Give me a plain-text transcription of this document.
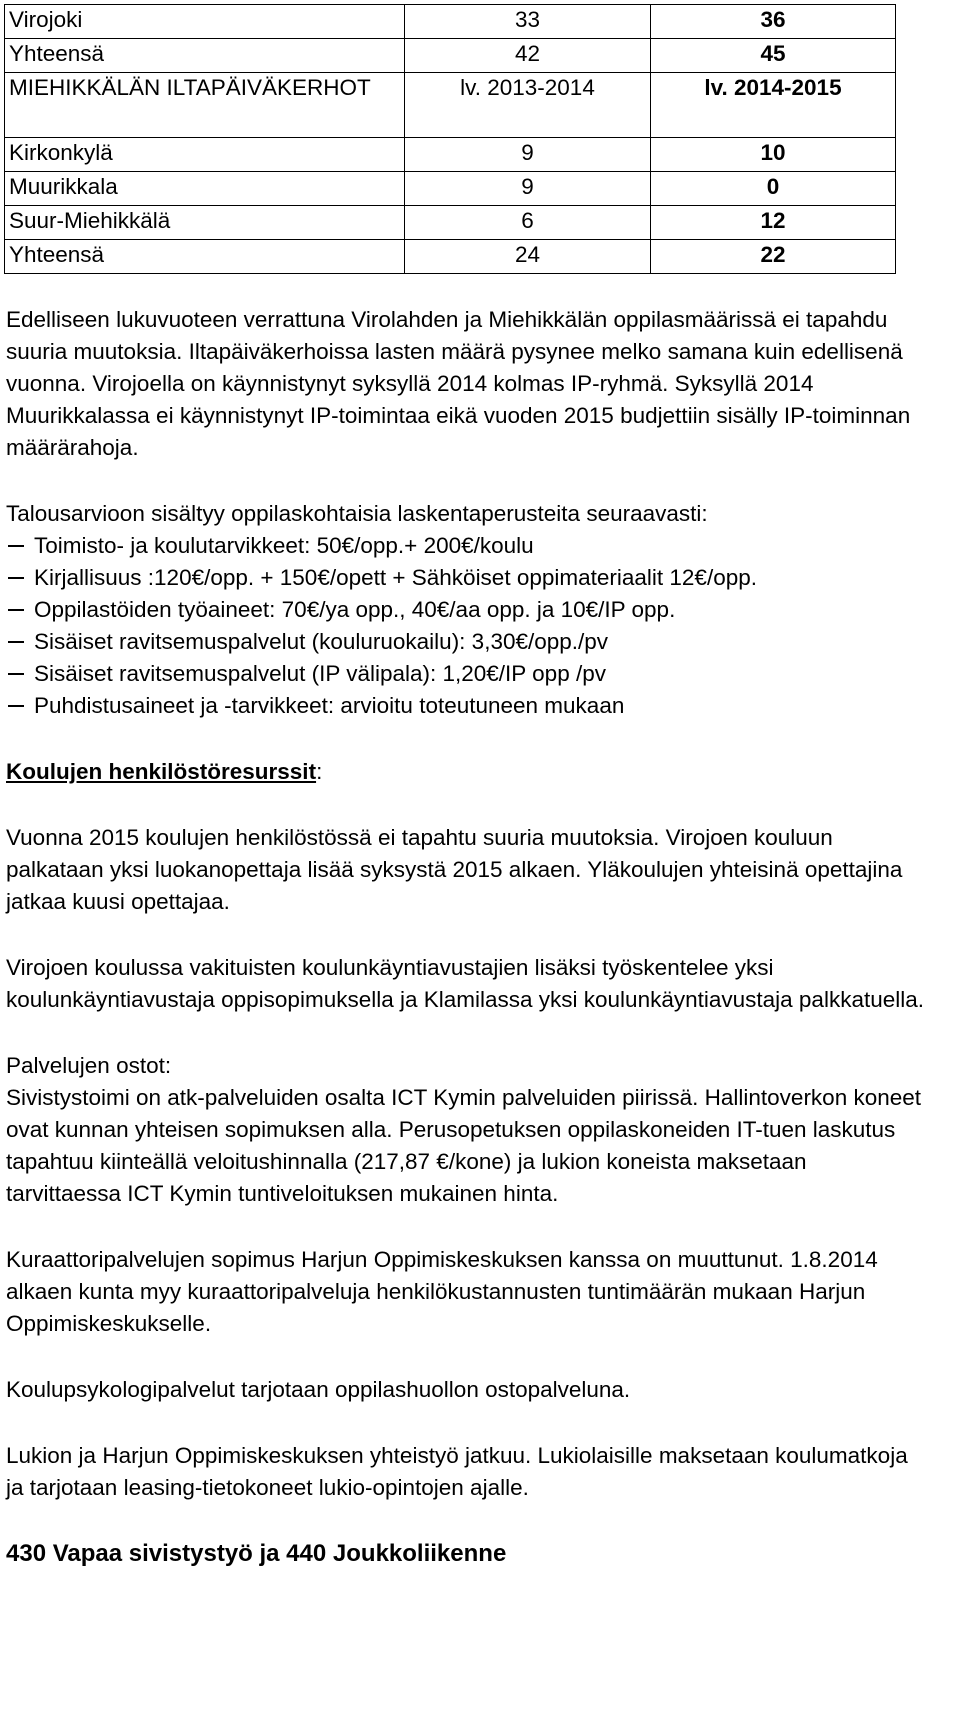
Virojoki	33	36
Yhteensä	42	45
MIEHIKKÄLÄN ILTAPÄIVÄKERHOT	lv. 2013-2014	lv. 2014-2015
Kirkonkylä	9	10
Muurikkala	9	0
Suur-Miehikkälä	6	12
Yhteensä	24	22

Edelliseen lukuvuoteen verrattuna Virolahden ja Miehikkälän oppilasmäärissä ei tapahdu suuria muutoksia. Iltapäiväkerhoissa lasten määrä pysynee melko samana kuin edellisenä vuonna. Virojoella on käynnistynyt syksyllä 2014 kolmas IP-ryhmä. Syksyllä 2014 Muurikkalassa ei käynnistynyt IP-toimintaa eikä vuoden 2015 budjettiin sisälly IP-toiminnan määrärahoja.

Talousarvioon sisältyy oppilaskohtaisia laskentaperusteita seuraavasti:

Toimisto- ja koulutarvikkeet: 50€/opp.+ 200€/koulu
Kirjallisuus :120€/opp. + 150€/opett + Sähköiset oppimateriaalit 12€/opp.
Oppilastöiden työaineet: 70€/ya opp., 40€/aa opp. ja 10€/IP opp.
Sisäiset ravitsemuspalvelut (kouluruokailu): 3,30€/opp./pv
Sisäiset ravitsemuspalvelut (IP välipala): 1,20€/IP opp /pv
Puhdistusaineet ja -tarvikkeet: arvioitu toteutuneen mukaan

Koulujen henkilöstöresurssit:

Vuonna 2015 koulujen henkilöstössä ei tapahtu suuria muutoksia. Virojoen kouluun palkataan yksi luokanopettaja lisää syksystä 2015 alkaen. Yläkoulujen yhteisinä opettajina jatkaa kuusi opettajaa.

Virojoen koulussa vakituisten koulunkäyntiavustajien lisäksi työskentelee yksi koulunkäyntiavustaja oppisopimuksella ja Klamilassa yksi koulunkäyntiavustaja palkkatuella.

Palvelujen ostot:

Sivistystoimi on atk-palveluiden osalta ICT Kymin palveluiden piirissä. Hallintoverkon koneet ovat kunnan yhteisen sopimuksen alla. Perusopetuksen oppilaskoneiden IT-tuen laskutus tapahtuu kiinteällä veloitushinnalla (217,87 €/kone) ja lukion koneista maksetaan tarvittaessa ICT Kymin tuntiveloituksen mukainen hinta.

Kuraattoripalvelujen sopimus Harjun Oppimiskeskuksen kanssa on muuttunut. 1.8.2014 alkaen kunta myy kuraattoripalveluja henkilökustannusten tuntimäärän mukaan Harjun Oppimiskeskukselle.

Koulupsykologipalvelut tarjotaan oppilashuollon ostopalveluna.

Lukion ja Harjun Oppimiskeskuksen yhteistyö jatkuu. Lukiolaisille maksetaan koulumatkoja ja tarjotaan leasing-tietokoneet lukio-opintojen ajalle.

430 Vapaa sivistystyö ja 440 Joukkoliikenne
